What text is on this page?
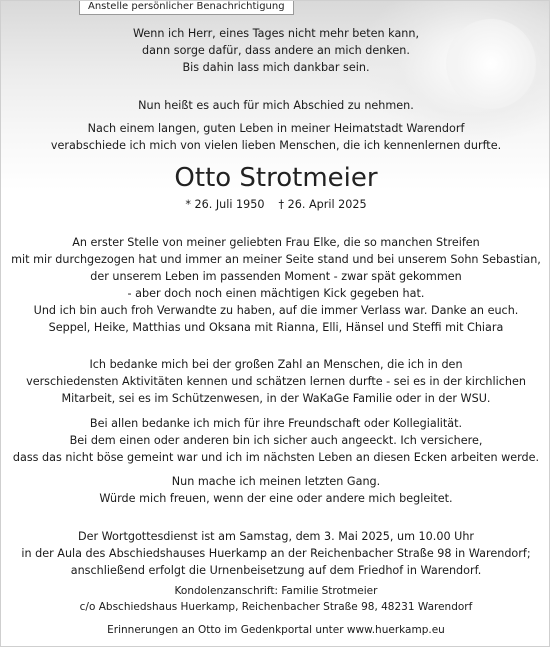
Anstelle persönlicher Benachrichtigung
Wenn ich Herr, eines Tages nicht mehr beten kann,
dann sorge dafür, dass andere an mich denken.
Bis dahin lass mich dankbar sein.
Nun heißt es auch für mich Abschied zu nehmen.
Nach einem langen, guten Leben in meiner Heimatstadt Warendorf
verabschiede ich mich von vielen lieben Menschen, die ich kennenlernen durfte.
Otto Strotmeier
* 26. Juli 1950 † 26. April 2025
An erster Stelle von meiner geliebten Frau Elke, die so manchen Streifen
mit mir durchgezogen hat und immer an meiner Seite stand und bei unserem Sohn Sebastian,
der unserem Leben im passenden Moment - zwar spät gekommen
- aber doch noch einen mächtigen Kick gegeben hat.
Und ich bin auch froh Verwandte zu haben, auf die immer Verlass war. Danke an euch.
Seppel, Heike, Matthias und Oksana mit Rianna, Elli, Hänsel und Steffi mit Chiara
Ich bedanke mich bei der großen Zahl an Menschen, die ich in den
verschiedensten Aktivitäten kennen und schätzen lernen durfte - sei es in der kirchlichen
Mitarbeit, sei es im Schützenwesen, in der WaKaGe Familie oder in der WSU.
Bei allen bedanke ich mich für ihre Freundschaft oder Kollegialität.
Bei dem einen oder anderen bin ich sicher auch angeeckt. Ich versichere,
dass das nicht böse gemeint war und ich im nächsten Leben an diesen Ecken arbeiten werde.
Nun mache ich meinen letzten Gang.
Würde mich freuen, wenn der eine oder andere mich begleitet.
Der Wortgottesdienst ist am Samstag, dem 3. Mai 2025, um 10.00 Uhr
in der Aula des Abschiedshauses Huerkamp an der Reichenbacher Straße 98 in Warendorf;
anschließend erfolgt die Urnenbeisetzung auf dem Friedhof in Warendorf.
Kondolenzanschrift: Familie Strotmeier
c/o Abschiedshaus Huerkamp, Reichenbacher Straße 98, 48231 Warendorf
Erinnerungen an Otto im Gedenkportal unter www.huerkamp.eu
